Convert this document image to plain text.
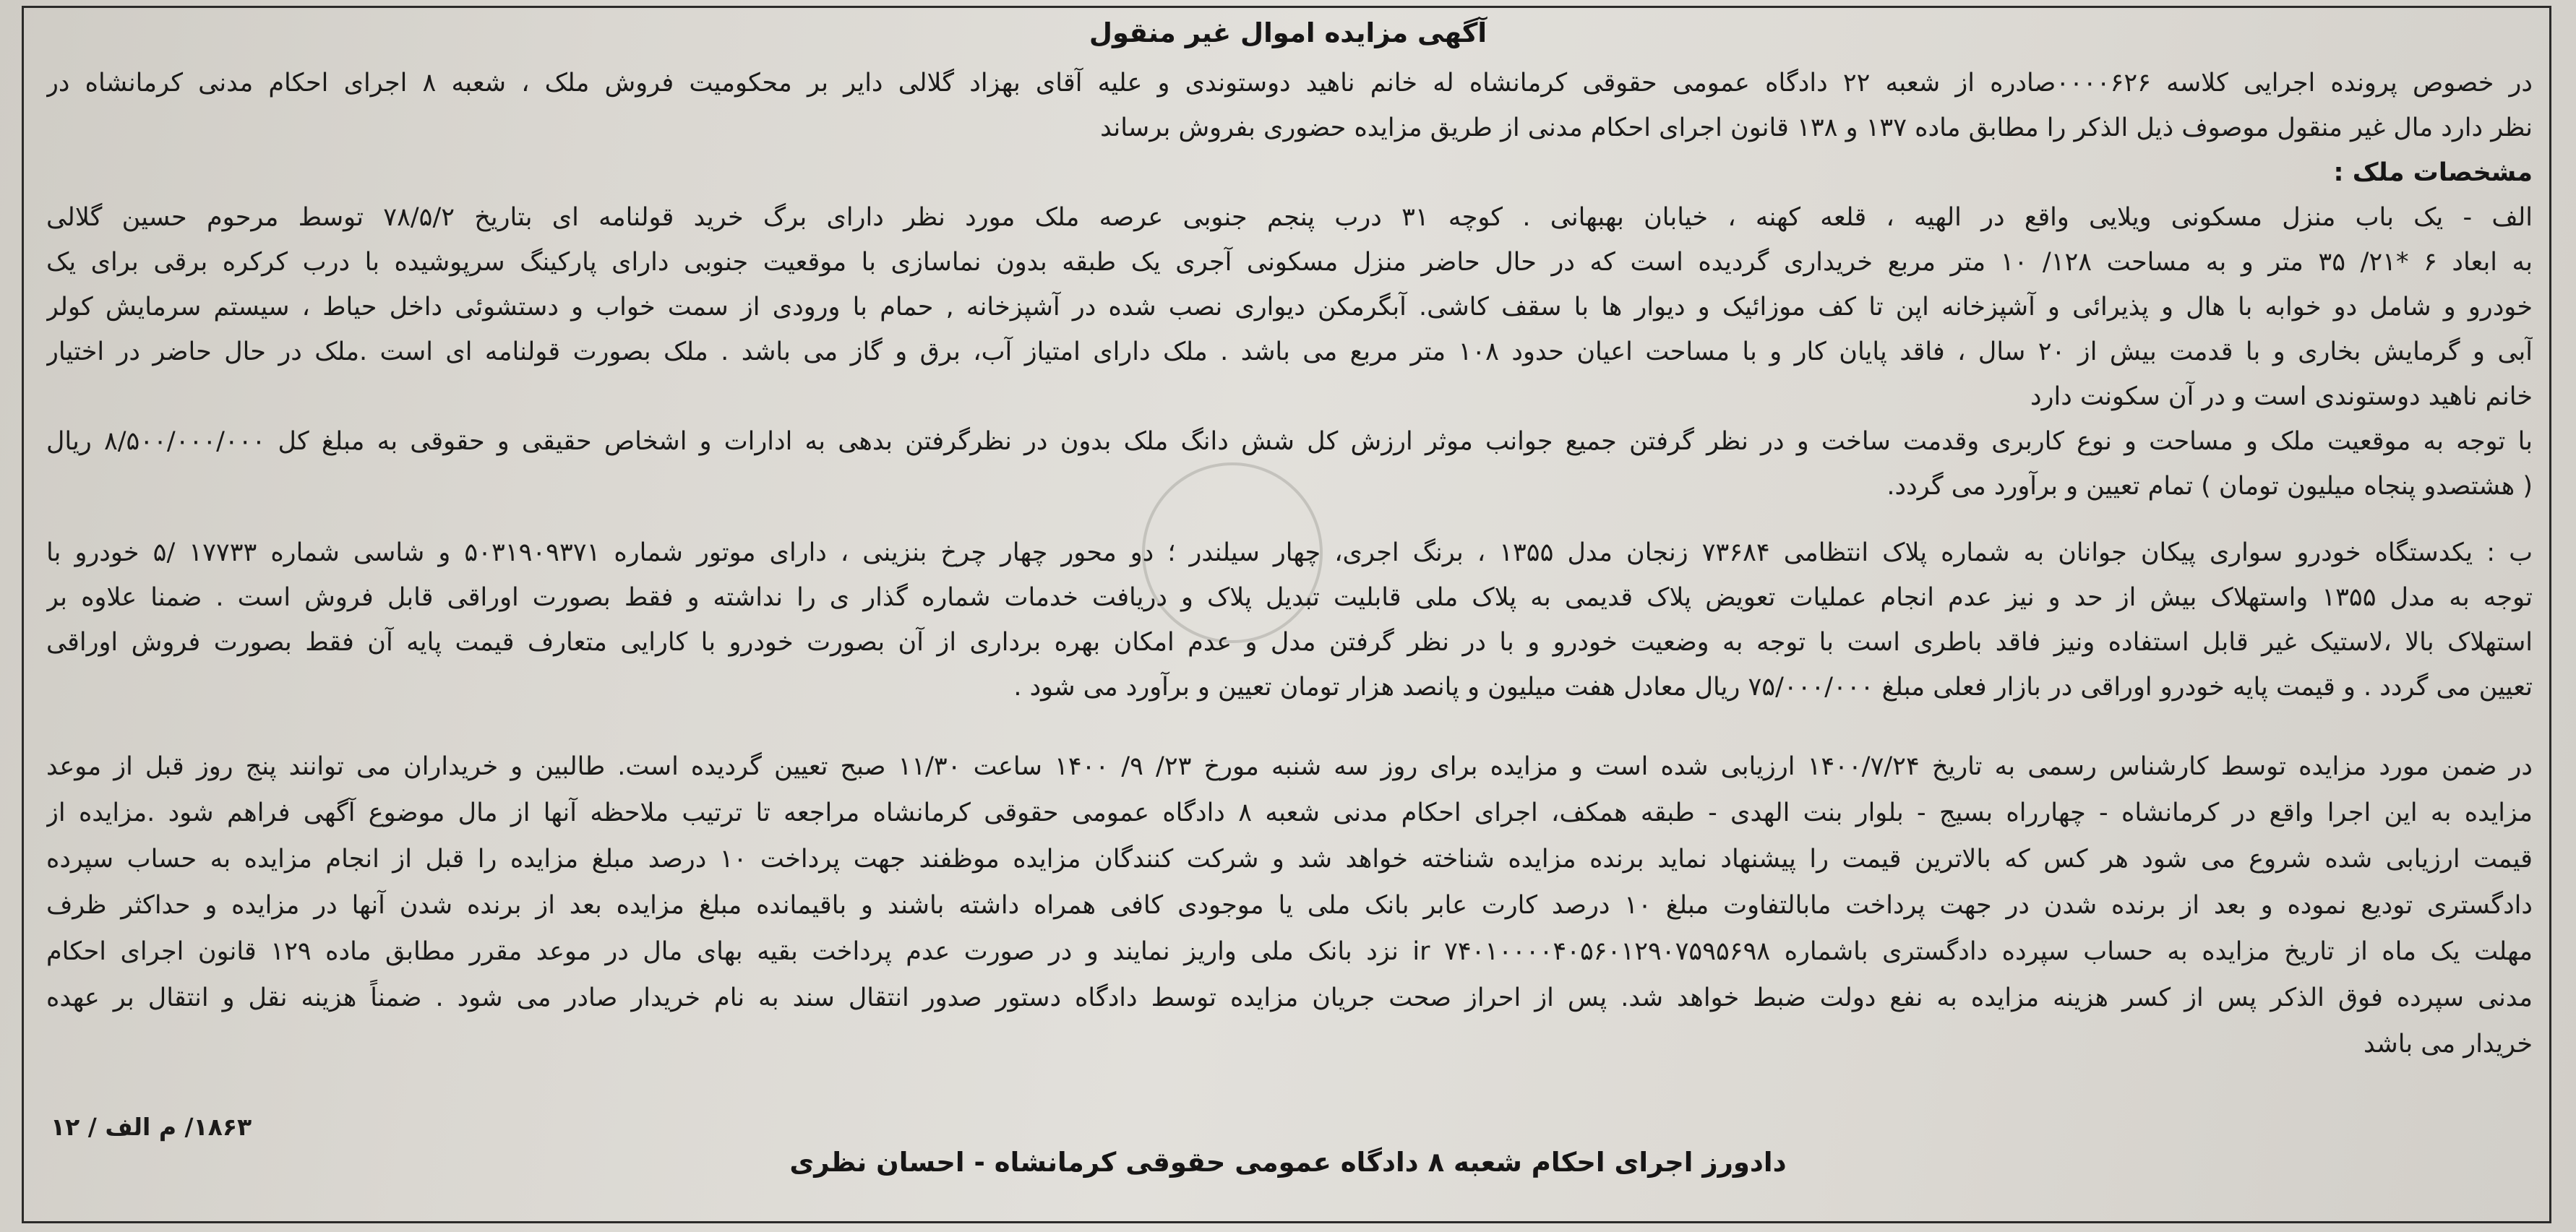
آگهی مزایده اموال غیر منقول
در خصوص پرونده اجرایی کلاسه ۰۰۰۰۶۲۶صادره از شعبه ۲۲ دادگاه عمومی حقوقی کرمانشاه له خانم ناهید دوستوندی و علیه آقای بهزاد گلالی دایر بر محکومیت فروش ملک ، شعبه ۸ اجرای احکام مدنی کرمانشاه در
نظر دارد مال غیر منقول موصوف ذیل الذکر را مطابق ماده ۱۳۷ و ۱۳۸ قانون اجرای احکام مدنی از طریق مزایده حضوری بفروش برساند
مشخصات ملک :
الف - یک باب منزل مسکونی ویلایی واقع در الهیه ، قلعه کهنه ، خیابان بهبهانی . کوچه ۳۱ درب پنجم جنوبی عرصه ملک مورد نظر دارای برگ خرید قولنامه ای بتاریخ ۷۸/۵/۲ توسط مرحوم حسین گلالی
به ابعاد ۶ *۲۱/ ۳۵ متر و به مساحت ۱۲۸/ ۱۰ متر مربع خریداری گردیده است که در حال حاضر منزل مسکونی آجری یک طبقه بدون نماسازی با موقعیت جنوبی دارای پارکینگ سرپوشیده با درب کرکره برقی برای یک
خودرو و شامل دو خوابه با هال و پذیرائی و آشپزخانه اپن تا کف موزائیک و دیوار ها با سقف کاشی. آبگرمکن دیواری نصب شده در آشپزخانه , حمام با ورودی از سمت خواب و دستشوئی داخل حیاط ، سیستم سرمایش کولر
آبی و گرمایش بخاری و با قدمت بیش از ۲۰ سال ، فاقد پایان کار و با مساحت اعیان حدود ۱۰۸ متر مربع می باشد . ملک دارای امتیاز آب، برق و گاز می باشد . ملک بصورت قولنامه ای است .ملک در حال حاضر در اختیار
خانم ناهید دوستوندی است و در آن سکونت دارد
با توجه به موقعیت ملک و مساحت و نوع کاربری وقدمت ساخت و در نظر گرفتن جمیع جوانب موثر ارزش کل شش دانگ ملک بدون در نظرگرفتن بدهی به ادارات و اشخاص حقیقی و حقوقی به مبلغ کل ۸/۵۰۰/۰۰۰/۰۰۰ ریال
( هشتصدو پنجاه میلیون تومان ) تمام تعیین و برآورد می گردد.
ب : یکدستگاه خودرو سواری پیکان جوانان به شماره پلاک انتظامی ۷۳۶۸۴ زنجان مدل ۱۳۵۵ ، برنگ اجری، چهار سیلندر ؛ دو محور چهار چرخ بنزینی ، دارای موتور شماره ۵۰۳۱۹۰۹۳۷۱ و شاسی شماره ۱۷۷۳۳ /۵ خودرو با
توجه به مدل ۱۳۵۵ واستهلاک بیش از حد و نیز عدم انجام عملیات تعویض پلاک قدیمی به پلاک ملی قابلیت تبدیل پلاک و دریافت خدمات شماره گذار ی را نداشته و فقط بصورت اوراقی قابل فروش است . ضمنا علاوه بر
استهلاک بالا ،لاستیک غیر قابل استفاده ونیز فاقد باطری است با توجه به وضعیت خودرو و با در نظر گرفتن مدل و عدم امکان بهره برداری از آن بصورت خودرو با کارایی متعارف قیمت پایه آن فقط بصورت فروش اوراقی
تعیین می گردد . و قیمت پایه خودرو اوراقی در بازار فعلی مبلغ ۷۵/۰۰۰/۰۰۰ ریال معادل هفت میلیون و پانصد هزار تومان تعیین و برآورد می شود .
در ضمن مورد مزایده توسط کارشناس رسمی به تاریخ ۱۴۰۰/۷/۲۴ ارزیابی شده است و مزایده برای روز سه شنبه مورخ ۲۳/ ۹/ ۱۴۰۰ ساعت ۱۱/۳۰ صبح تعیین گردیده است. طالبین و خریداران می توانند پنج روز قبل از موعد
مزایده به این اجرا واقع در کرمانشاه - چهارراه بسیج - بلوار بنت الهدی - طبقه همکف، اجرای احکام مدنی شعبه ۸ دادگاه عمومی حقوقی کرمانشاه مراجعه تا ترتیب ملاحظه آنها از مال موضوع آگهی فراهم شود .مزایده از
قیمت ارزیابی شده شروع می شود هر کس که بالاترین قیمت را پیشنهاد نماید برنده مزایده شناخته خواهد شد و شرکت کنندگان مزایده موظفند جهت پرداخت ۱۰ درصد مبلغ مزایده را قبل از انجام مزایده به حساب سپرده
دادگستری تودیع نموده و بعد از برنده شدن در جهت پرداخت مابالتفاوت مبلغ ۱۰ درصد کارت عابر بانک ملی یا موجودی کافی همراه داشته باشند و باقیمانده مبلغ مزایده بعد از برنده شدن آنها در مزایده و حداکثر ظرف
مهلت یک ماه از تاریخ مزایده به حساب سپرده دادگستری باشماره ir ۷۴۰۱۰۰۰۰۴۰۵۶۰۱۲۹۰۷۵۹۵۶۹۸ نزد بانک ملی واریز نمایند و در صورت عدم پرداخت بقیه بهای مال در موعد مقرر مطابق ماده ۱۲۹ قانون اجرای احکام
مدنی سپرده فوق الذکر پس از کسر هزینه مزایده به نفع دولت ضبط خواهد شد. پس از احراز صحت جریان مزایده توسط دادگاه دستور صدور انتقال سند به نام خریدار صادر می شود . ضمناً هزینه نقل و انتقال بر عهده
خریدار می باشد
۱۸۶۳/ م الف / ۱۲
دادورز اجرای احکام شعبه ۸ دادگاه عمومی حقوقی کرمانشاه - احسان نظری
